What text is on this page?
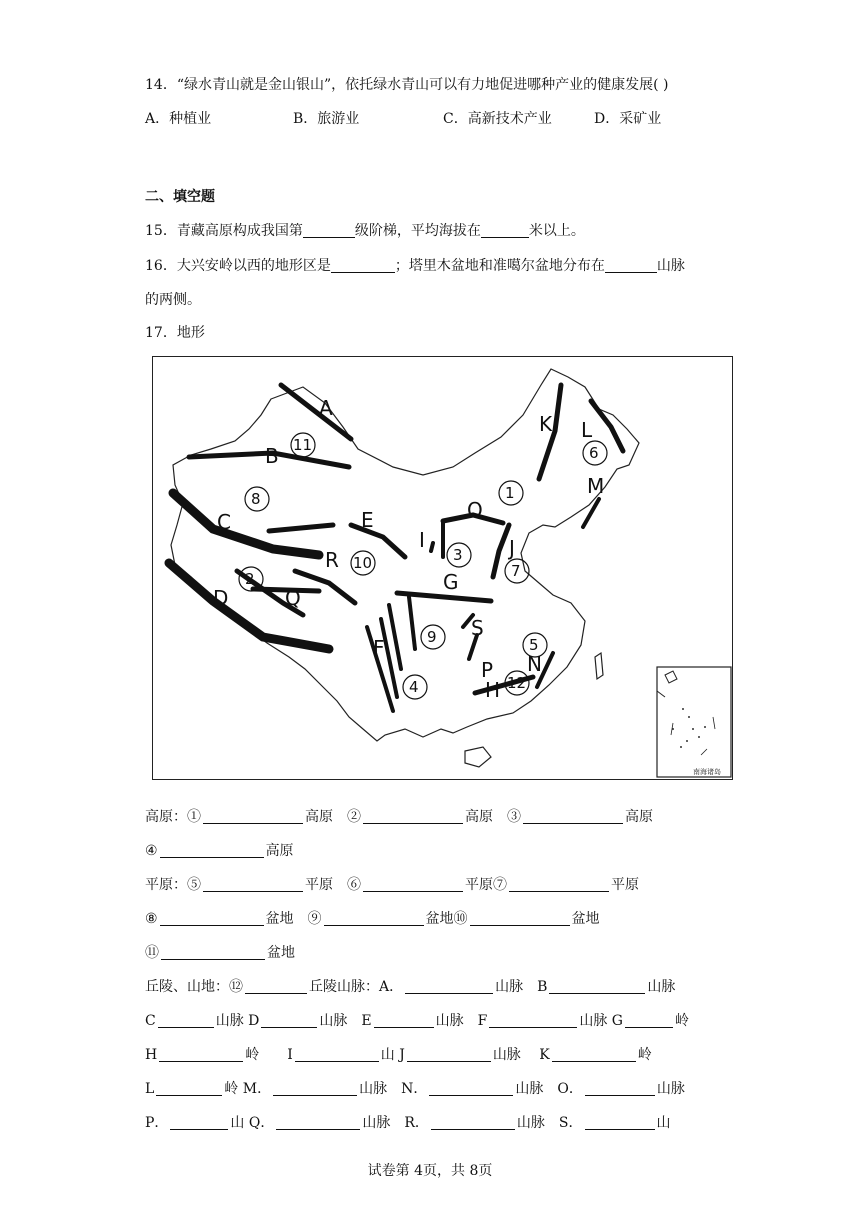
14．“绿水青山就是金山银山”，依托绿水青山可以有力地促进哪种产业的健康发展( )
A．种植业	B．旅游业	C．高新技术产业	D．采矿业
二、填空题
15．青藏高原构成我国第	级阶梯，平均海拔在	米以上。
16．大兴安岭以西的地形区是	；塔里木盆地和准噶尔盆地分布在	山脉
的两侧。
17．地形
A
B
C
D
E
F
G
H
I	J
K L
M
N
O
P
Q
R
S
1
2
3
4
5
6
7
8
9
10
11
12
南海诸岛
高原：①	高原　②	高原　③	高原
④	高原
平原：⑤	平原　⑥	平原⑦	平原
⑧	盆地　⑨	盆地⑩	盆地
⑪	盆地
丘陵、山地：⑫	丘陵山脉：A．	山脉　B	山脉
C	山脉 D	山脉　E	山脉　F	山脉 G	岭
H	岭　　I	山 J	山脉　 K	岭
L	岭 M．	山脉　N．	山脉　O．	山脉
P．	山 Q．	山脉　R．	山脉　S．	山
试卷第 4页，共 8页
